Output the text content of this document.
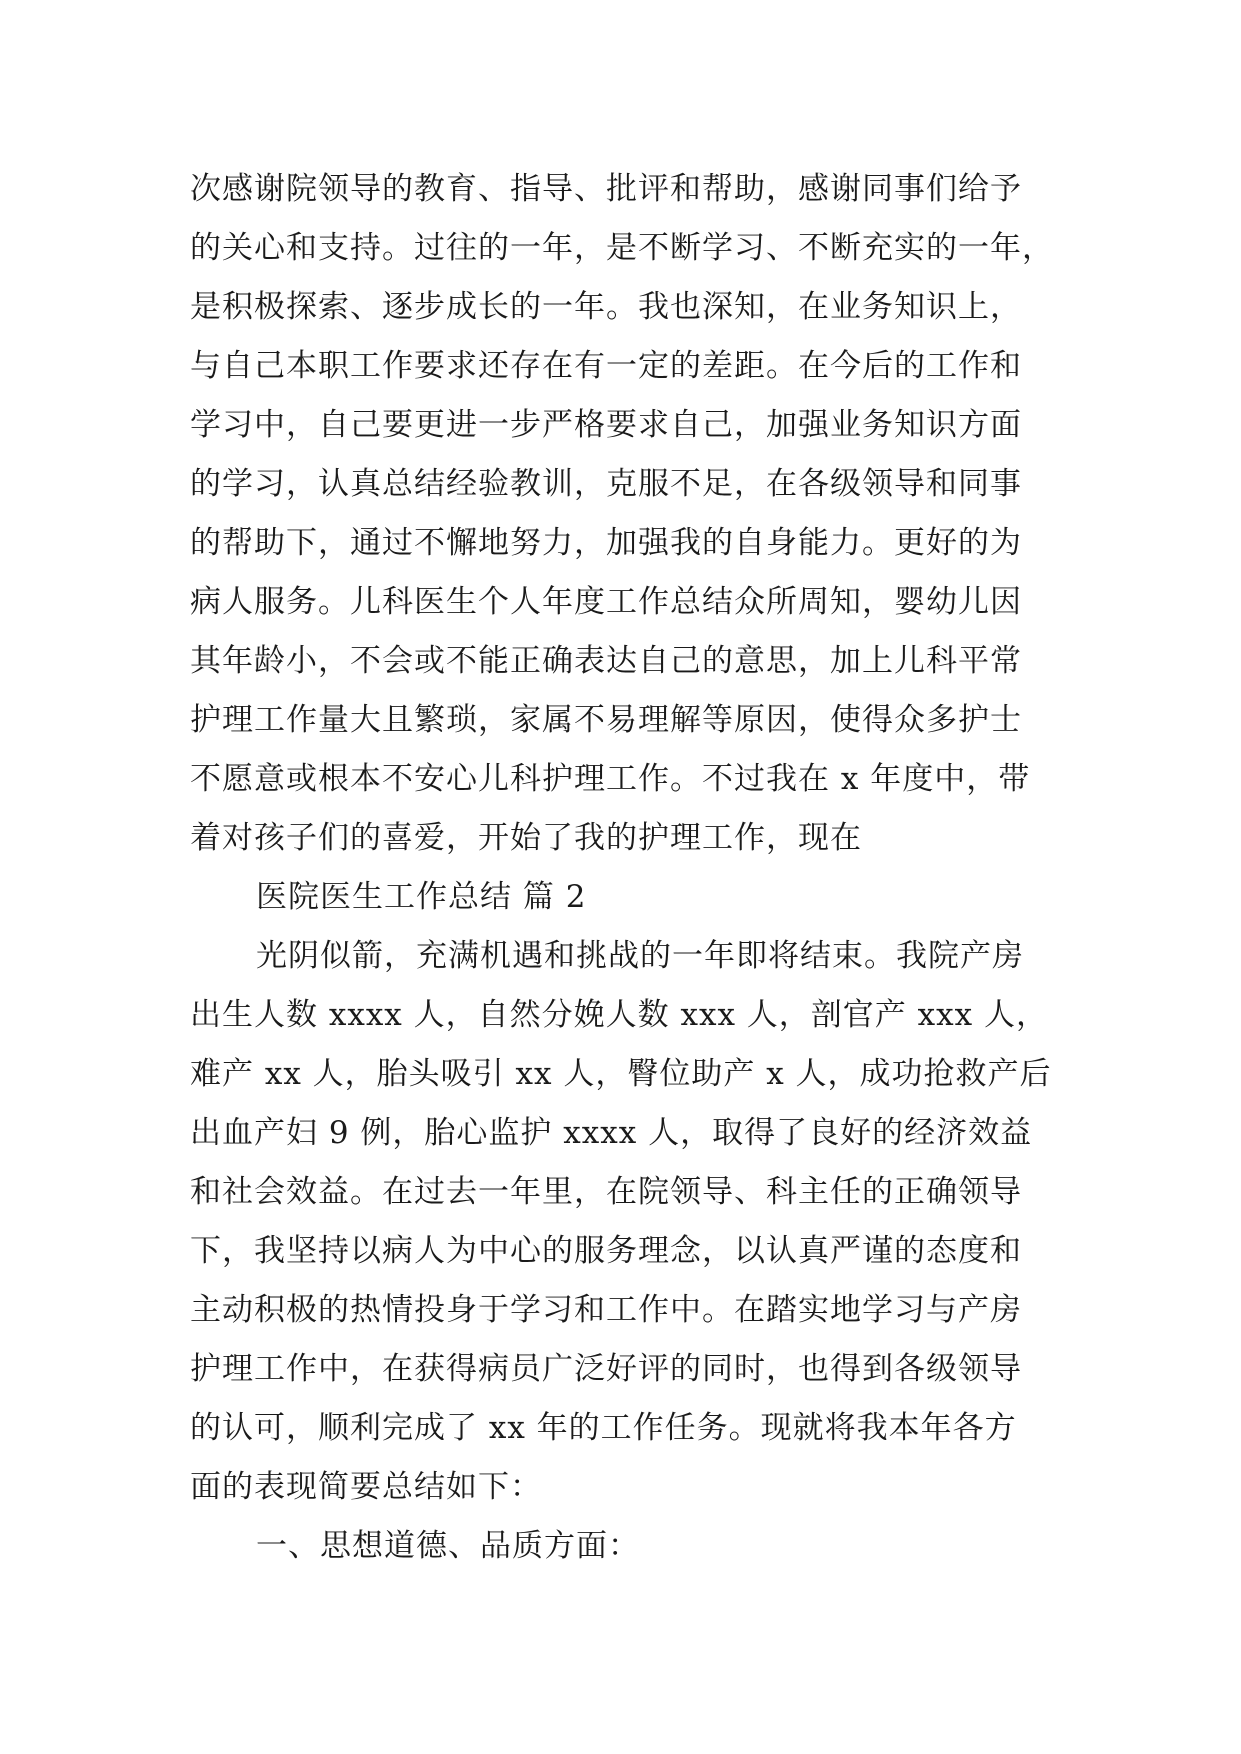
次感谢院领导的教育、指导、批评和帮助，感谢同事们给予
的关心和支持。过往的一年，是不断学习、不断充实的一年，
是积极探索、逐步成长的一年。我也深知，在业务知识上，
与自己本职工作要求还存在有一定的差距。在今后的工作和
学习中，自己要更进一步严格要求自己，加强业务知识方面
的学习，认真总结经验教训，克服不足，在各级领导和同事
的帮助下，通过不懈地努力，加强我的自身能力。更好的为
病人服务。儿科医生个人年度工作总结众所周知，婴幼儿因
其年龄小，不会或不能正确表达自己的意思，加上儿科平常
护理工作量大且繁琐，家属不易理解等原因，使得众多护士
不愿意或根本不安心儿科护理工作。不过我在 x 年度中，带
着对孩子们的喜爱，开始了我的护理工作，现在
医院医生工作总结 篇 2
光阴似箭，充满机遇和挑战的一年即将结束。我院产房
出生人数 xxxx 人，自然分娩人数 xxx 人，剖官产 xxx 人，
难产 xx 人，胎头吸引 xx 人，臀位助产 x 人，成功抢救产后
出血产妇 9 例，胎心监护 xxxx 人，取得了良好的经济效益
和社会效益。在过去一年里，在院领导、科主任的正确领导
下，我坚持以病人为中心的服务理念，以认真严谨的态度和
主动积极的热情投身于学习和工作中。在踏实地学习与产房
护理工作中，在获得病员广泛好评的同时，也得到各级领导
的认可，顺利完成了 xx 年的工作任务。现就将我本年各方
面的表现简要总结如下：
一、思想道德、品质方面：
